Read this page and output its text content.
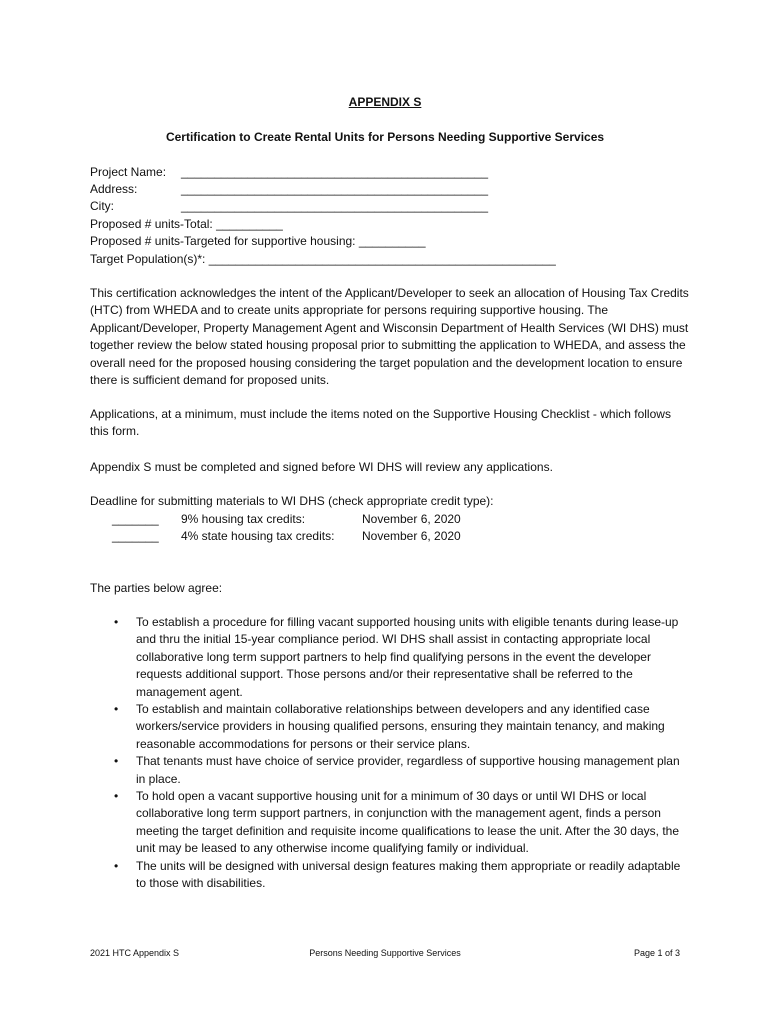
APPENDIX S
Certification to Create Rental Units for Persons Needing Supportive Services
Project Name: ______________________________________________
Address:	______________________________________________
City:	______________________________________________
Proposed # units-Total: __________
Proposed # units-Targeted for supportive housing: __________
Target Population(s)*: ____________________________________________________
This certification acknowledges the intent of the Applicant/Developer to seek an allocation of Housing Tax Credits (HTC) from WHEDA and to create units appropriate for persons requiring supportive housing. The Applicant/Developer, Property Management Agent and Wisconsin Department of Health Services (WI DHS) must together review the below stated housing proposal prior to submitting the application to WHEDA, and assess the overall need for the proposed housing considering the target population and the development location to ensure there is sufficient demand for proposed units.
Applications, at a minimum, must include the items noted on the Supportive Housing Checklist - which follows this form.
Appendix S must be completed and signed before WI DHS will review any applications.
Deadline for submitting materials to WI DHS (check appropriate credit type):
_______ 9% housing tax credits:	November 6, 2020
_______ 4% state housing tax credits: November 6, 2020
The parties below agree:
• To establish a procedure for filling vacant supported housing units with eligible tenants during lease-up and thru the initial 15-year compliance period. WI DHS shall assist in contacting appropriate local collaborative long term support partners to help find qualifying persons in the event the developer requests additional support. Those persons and/or their representative shall be referred to the management agent.
• To establish and maintain collaborative relationships between developers and any identified case workers/service providers in housing qualified persons, ensuring they maintain tenancy, and making reasonable accommodations for persons or their service plans.
• That tenants must have choice of service provider, regardless of supportive housing management plan in place.
• To hold open a vacant supportive housing unit for a minimum of 30 days or until WI DHS or local collaborative long term support partners, in conjunction with the management agent, finds a person meeting the target definition and requisite income qualifications to lease the unit. After the 30 days, the unit may be leased to any otherwise income qualifying family or individual.
• The units will be designed with universal design features making them appropriate or readily adaptable to those with disabilities.
2021 HTC Appendix S	Persons Needing Supportive Services	Page 1 of 3
